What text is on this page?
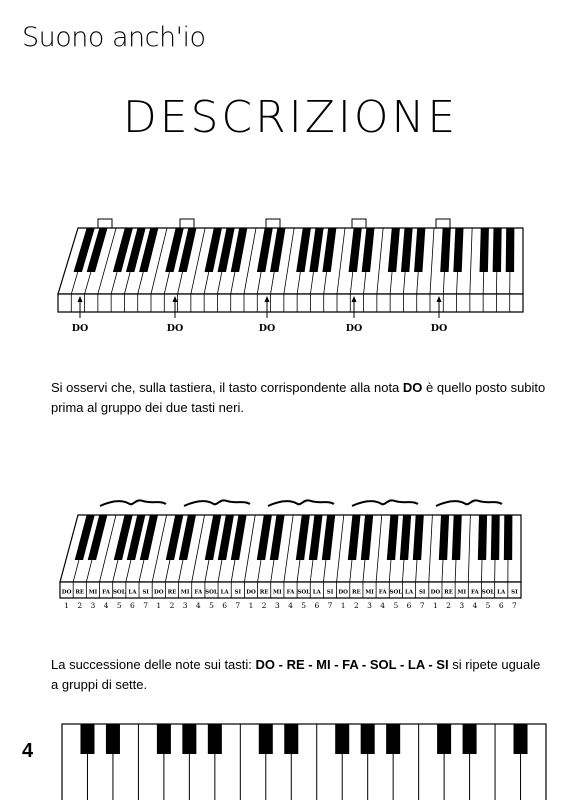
Suono anch'io
DESCRIZIONE
DO	DO	DO	DO	DO
DO
1
RE
2
MI
3
FA
4
SOL
5
LA
6
SI
7
DO
1
RE
2
MI
3
FA
4
SOL
5
LA
6
SI
7
DO
1
RE
2
MI
3
FA
4
SOL
5
LA
6
SI
7
DO
1
RE
2
MI
3
FA
4
SOL
5
LA
6
SI
7
DO
1
RE
2
MI
3
FA
4
SOL
5
LA
6
SI
7
Si osservi che, sulla tastiera, il tasto corrispondente alla nota DO è quello posto subito prima al gruppo dei due tasti neri.
La successione delle note sui tasti: DO - RE - MI - FA - SOL - LA - SI si ripete uguale a gruppi di sette.
4
